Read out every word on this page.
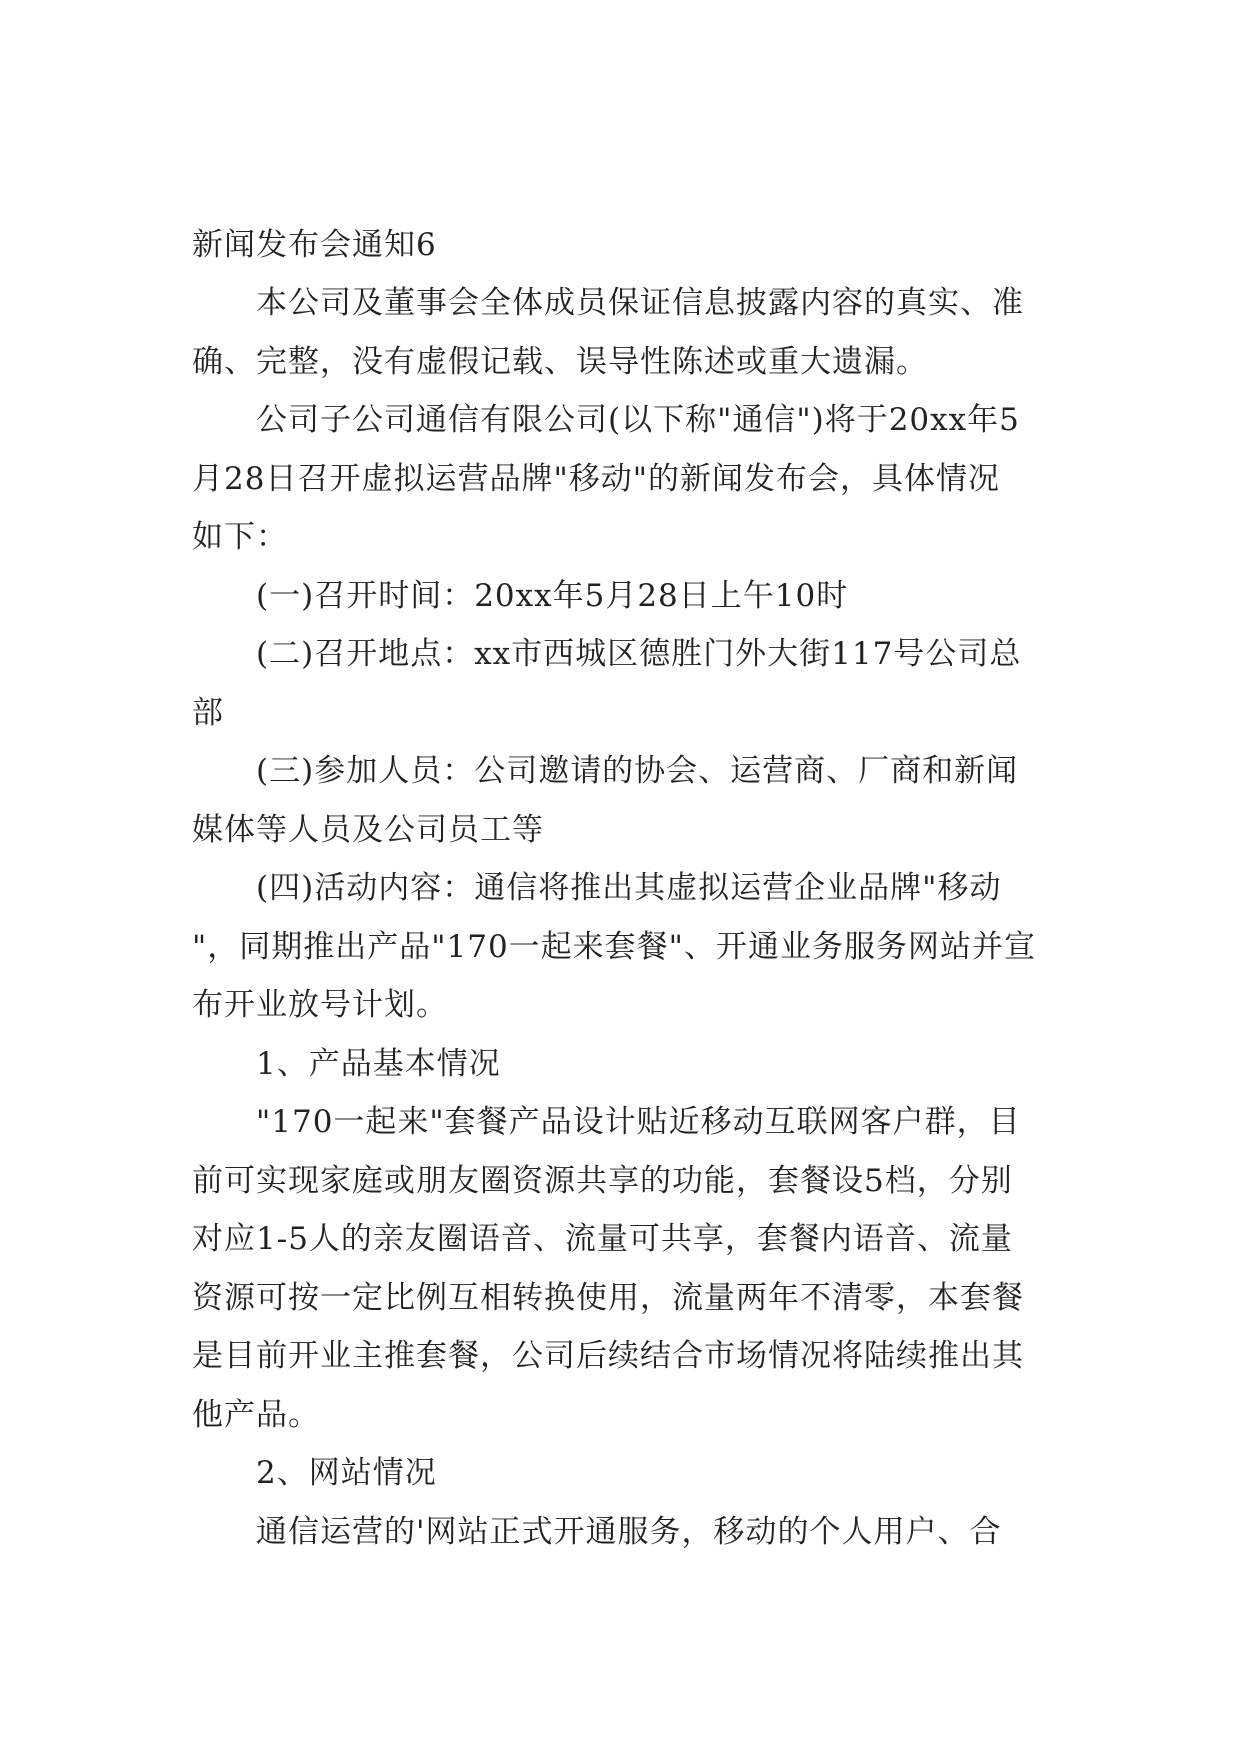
新闻发布会通知6
本公司及董事会全体成员保证信息披露内容的真实、准
确、完整，没有虚假记载、误导性陈述或重大遗漏。
公司子公司通信有限公司(以下称"通信")将于20xx年5
月28日召开虚拟运营品牌"移动"的新闻发布会，具体情况
如下：
(一)召开时间：20xx年5月28日上午10时
(二)召开地点：xx市西城区德胜门外大街117号公司总
部
(三)参加人员：公司邀请的协会、运营商、厂商和新闻
媒体等人员及公司员工等
(四)活动内容：通信将推出其虚拟运营企业品牌"移动
"，同期推出产品"170一起来套餐"、开通业务服务网站并宣
布开业放号计划。
1、产品基本情况
"170一起来"套餐产品设计贴近移动互联网客户群，目
前可实现家庭或朋友圈资源共享的功能，套餐设5档，分别
对应1-5人的亲友圈语音、流量可共享，套餐内语音、流量
资源可按一定比例互相转换使用，流量两年不清零，本套餐
是目前开业主推套餐，公司后续结合市场情况将陆续推出其
他产品。
2、网站情况
通信运营的'网站正式开通服务，移动的个人用户、合
